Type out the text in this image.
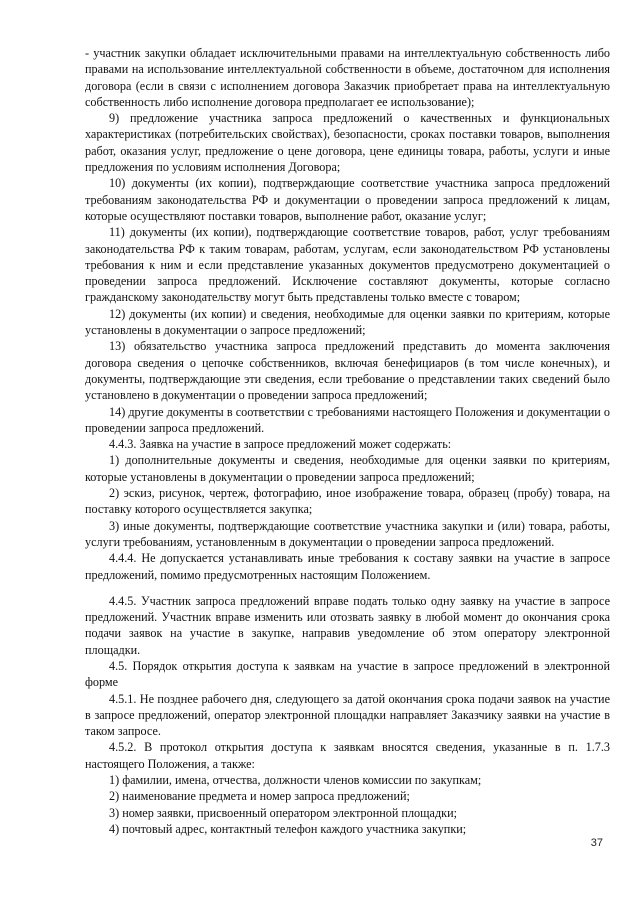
- участник закупки обладает исключительными правами на интеллектуальную собственность либо правами на использование интеллектуальной собственности в объеме, достаточном для исполнения договора (если в связи с исполнением договора Заказчик приобретает права на интеллектуальную собственность либо исполнение договора предполагает ее использование);

9) предложение участника запроса предложений о качественных и функциональных характеристиках (потребительских свойствах), безопасности, сроках поставки товаров, выполнения работ, оказания услуг, предложение о цене договора, цене единицы товара, работы, услуги и иные предложения по условиям исполнения Договора;

10) документы (их копии), подтверждающие соответствие участника запроса предложений требованиям законодательства РФ и документации о проведении запроса предложений к лицам, которые осуществляют поставки товаров, выполнение работ, оказание услуг;

11) документы (их копии), подтверждающие соответствие товаров, работ, услуг требованиям законодательства РФ к таким товарам, работам, услугам, если законодательством РФ установлены требования к ним и если представление указанных документов предусмотрено документацией о проведении запроса предложений. Исключение составляют документы, которые согласно гражданскому законодательству могут быть представлены только вместе с товаром;

12) документы (их копии) и сведения, необходимые для оценки заявки по критериям, которые установлены в документации о запросе предложений;

13) обязательство участника запроса предложений представить до момента заключения договора сведения о цепочке собственников, включая бенефициаров (в том числе конечных), и документы, подтверждающие эти сведения, если требование о представлении таких сведений было установлено в документации о проведении запроса предложений;

14) другие документы в соответствии с требованиями настоящего Положения и документации о проведении запроса предложений.

4.4.3. Заявка на участие в запросе предложений может содержать:

1) дополнительные документы и сведения, необходимые для оценки заявки по критериям, которые установлены в документации о проведении запроса предложений;

2) эскиз, рисунок, чертеж, фотографию, иное изображение товара, образец (пробу) товара, на поставку которого осуществляется закупка;

3) иные документы, подтверждающие соответствие участника закупки и (или) товара, работы, услуги требованиям, установленным в документации о проведении запроса предложений.

4.4.4. Не допускается устанавливать иные требования к составу заявки на участие в запросе предложений, помимо предусмотренных настоящим Положением.

4.4.5. Участник запроса предложений вправе подать только одну заявку на участие в запросе предложений. Участник вправе изменить или отозвать заявку в любой момент до окончания срока подачи заявок на участие в закупке, направив уведомление об этом оператору электронной площадки.

4.5. Порядок открытия доступа к заявкам на участие в запросе предложений в электронной форме

4.5.1. Не позднее рабочего дня, следующего за датой окончания срока подачи заявок на участие в запросе предложений, оператор электронной площадки направляет Заказчику заявки на участие в таком запросе.

4.5.2. В протокол открытия доступа к заявкам вносятся сведения, указанные в п. 1.7.3 настоящего Положения, а также:

1) фамилии, имена, отчества, должности членов комиссии по закупкам;

2) наименование предмета и номер запроса предложений;

3) номер заявки, присвоенный оператором электронной площадки;

4) почтовый адрес, контактный телефон каждого участника закупки;

37
